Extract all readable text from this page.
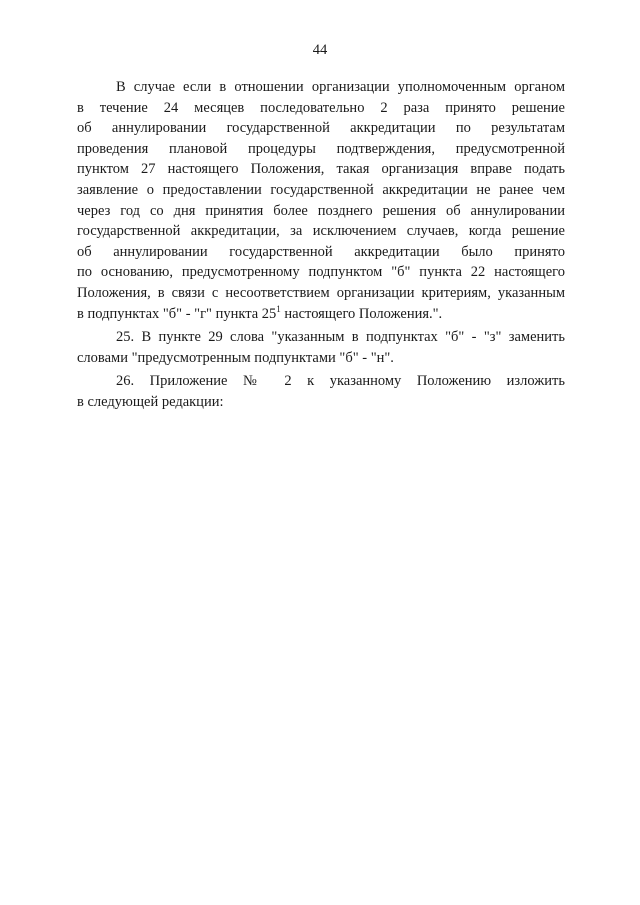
44
В случае если в отношении организации уполномоченным органом
в течение 24 месяцев последовательно 2 раза принято решение
об аннулировании государственной аккредитации по результатам
проведения плановой процедуры подтверждения, предусмотренной
пунктом 27 настоящего Положения, такая организация вправе подать
заявление о предоставлении государственной аккредитации не ранее чем
через год со дня принятия более позднего решения об аннулировании
государственной аккредитации, за исключением случаев, когда решение
об аннулировании государственной аккредитации было принято
по основанию, предусмотренному подпунктом "б" пункта 22 настоящего
Положения, в связи с несоответствием организации критериям, указанным
в подпунктах "б" - "г" пункта $25^1$ настоящего Положения.".
25. В пункте 29 слова "указанным в подпунктах "б" - "з" заменить
словами "предусмотренным подпунктами "б" - "н".
26. Приложение № 2 к указанному Положению изложить
в следующей редакции:
